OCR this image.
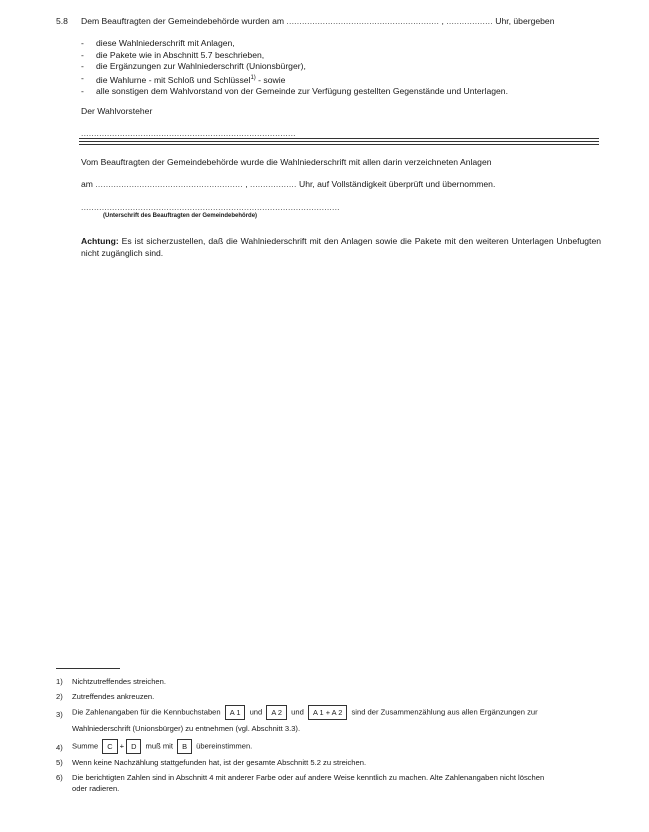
5.8 Dem Beauftragten der Gemeindebehörde wurden am ........................................................... , .................. Uhr, übergeben
- diese Wahlniederschrift mit Anlagen,
- die Pakete wie in Abschnitt 5.7 beschrieben,
- die Ergänzungen zur Wahlniederschrift (Unionsbürger),
- die Wahlurne - mit Schloß und Schlüssel$^{1)}$ - sowie
- alle sonstigen dem Wahlvorstand von der Gemeinde zur Verfügung gestellten Gegenstände und Unterlagen.
Der Wahlvorsteher
...................................................................................
Vom Beauftragten der Gemeindebehörde wurde die Wahlniederschrift mit allen darin verzeichneten Anlagen
am ......................................................... , .................. Uhr, auf Vollständigkeit überprüft und übernommen.
....................................................................................................
(Unterschrift des Beauftragten der Gemeindebehörde)
Achtung: Es ist sicherzustellen, daß die Wahlniederschrift mit den Anlagen sowie die Pakete mit den weiteren Unterlagen Unbefugten nicht zugänglich sind.
1) Nichtzutreffendes streichen.
2) Zutreffendes ankreuzen.
3) Die Zahlenangaben für die Kennbuchstaben A 1 und A 2 und A 1 + A 2 sind der Zusammenzählung aus allen Ergänzungen zur
Wahlniederschrift (Unionsbürger) zu entnehmen (vgl. Abschnitt 3.3).
4) Summe C + D muß mit B übereinstimmen.
5) Wenn keine Nachzählung stattgefunden hat, ist der gesamte Abschnitt 5.2 zu streichen.
6) Die berichtigten Zahlen sind in Abschnitt 4 mit anderer Farbe oder auf andere Weise kenntlich zu machen. Alte Zahlenangaben nicht löschen
oder radieren.
